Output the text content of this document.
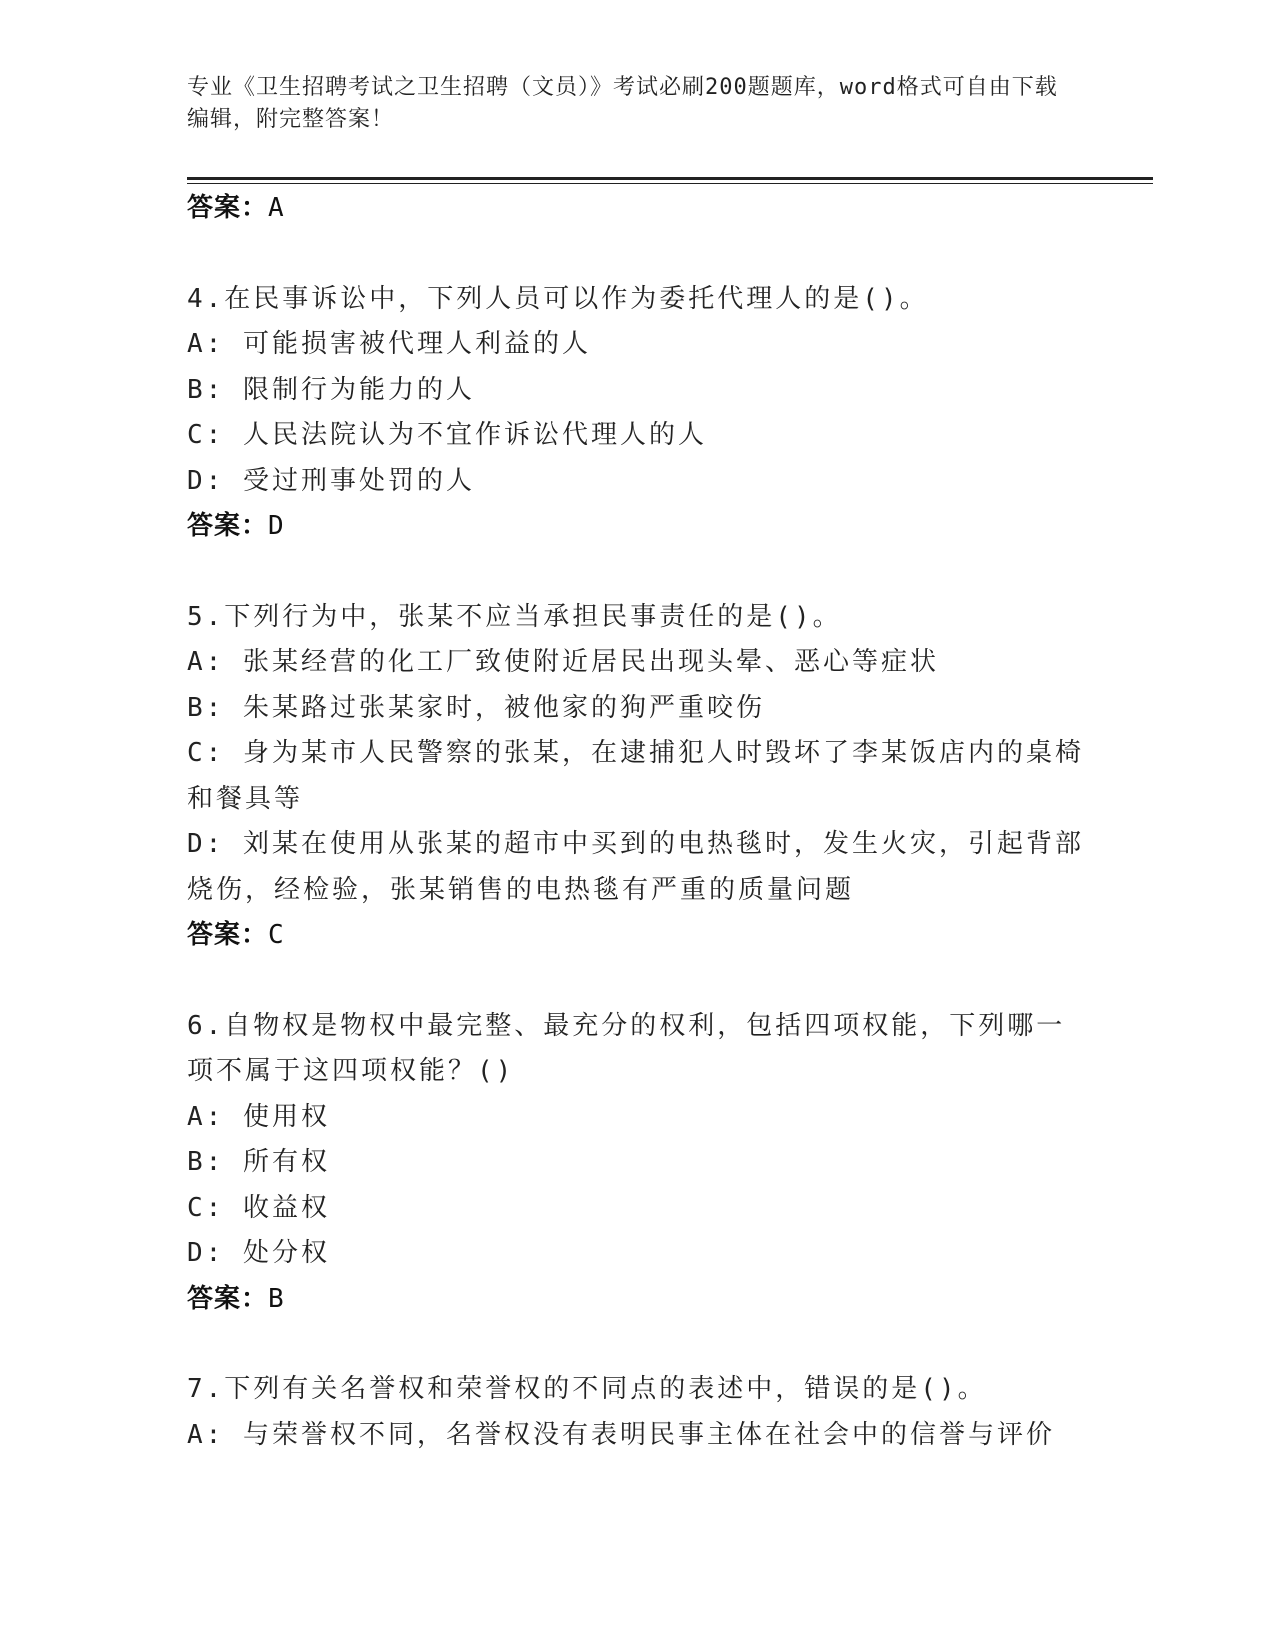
专业《卫生招聘考试之卫生招聘（文员）》考试必刷200题题库，word格式可自由下载编辑，附完整答案！
答案：A
4.在民事诉讼中，下列人员可以作为委托代理人的是()。
A: 可能损害被代理人利益的人
B: 限制行为能力的人
C: 人民法院认为不宜作诉讼代理人的人
D: 受过刑事处罚的人
答案：D
5.下列行为中，张某不应当承担民事责任的是()。
A: 张某经营的化工厂致使附近居民出现头晕、恶心等症状
B: 朱某路过张某家时，被他家的狗严重咬伤
C: 身为某市人民警察的张某，在逮捕犯人时毁坏了李某饭店内的桌椅和餐具等
D: 刘某在使用从张某的超市中买到的电热毯时，发生火灾，引起背部烧伤，经检验，张某销售的电热毯有严重的质量问题
答案：C
6.自物权是物权中最完整、最充分的权利，包括四项权能，下列哪一项不属于这四项权能？()
A: 使用权
B: 所有权
C: 收益权
D: 处分权
答案：B
7.下列有关名誉权和荣誉权的不同点的表述中，错误的是()。
A: 与荣誉权不同，名誉权没有表明民事主体在社会中的信誉与评价
